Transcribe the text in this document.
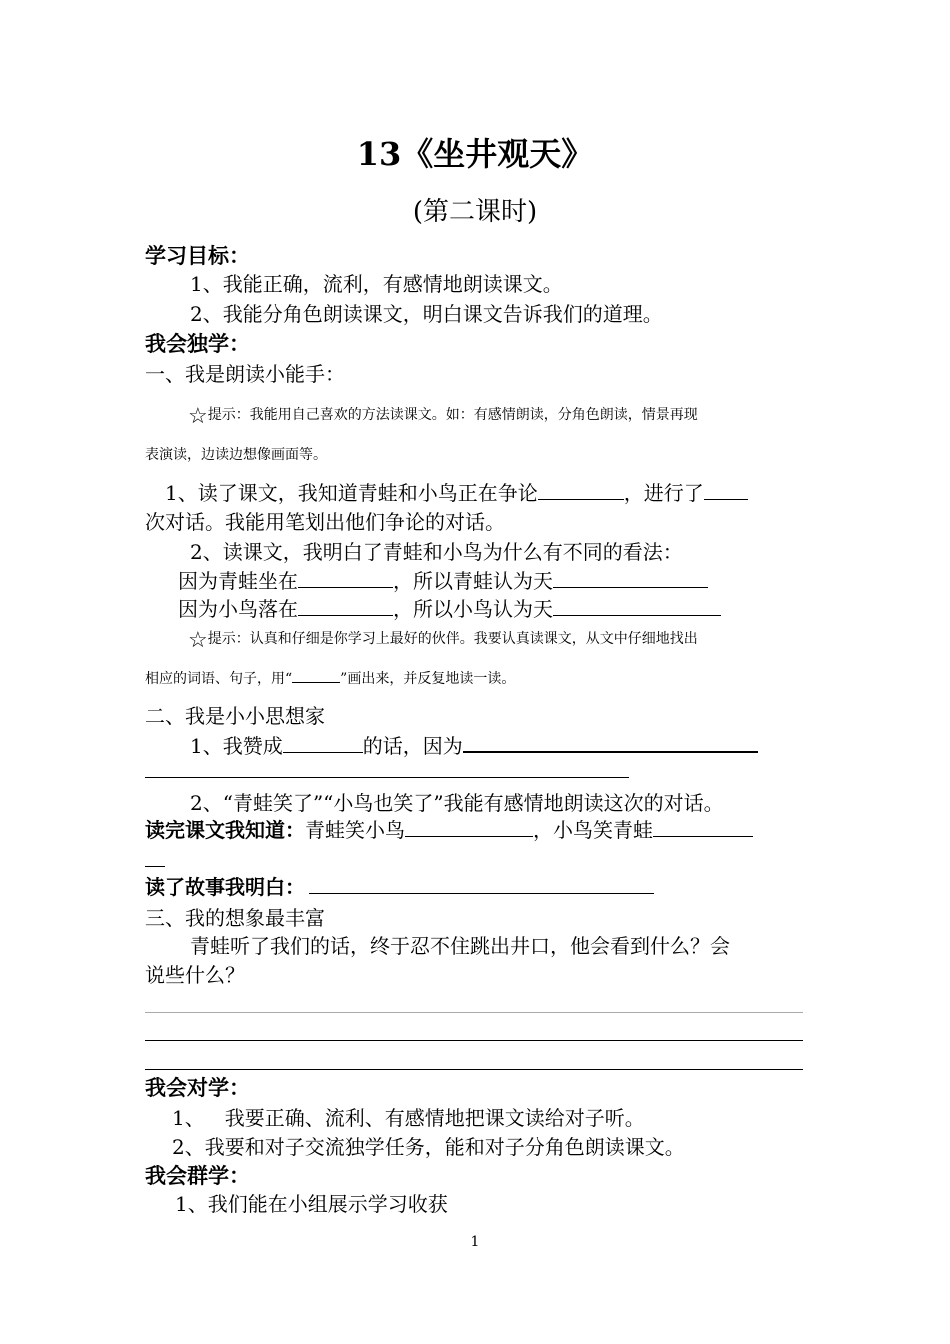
13《坐井观天》
(第二课时)
学习目标：
1、我能正确，流利，有感情地朗读课文。
2、我能分角色朗读课文，明白课文告诉我们的道理。
我会独学：
一、我是朗读小能手：
☆提示：我能用自己喜欢的方法读课文。如：有感情朗读，分角色朗读，情景再现
表演读，边读边想像画面等。
1、读了课文，我知道青蛙和小鸟正在争论	，进行了
次对话。我能用笔划出他们争论的对话。
2、读课文，我明白了青蛙和小鸟为什么有不同的看法：
因为青蛙坐在	，所以青蛙认为天
因为小鸟落在	，所以小鸟认为天
☆提示：认真和仔细是你学习上最好的伙伴。我要认真读课文，从文中仔细地找出
相应的词语、句子，用“	”画出来，并反复地读一读。
二、我是小小思想家
1、我赞成	的话，因为
2、“青蛙笑了”“小鸟也笑了”我能有感情地朗读这次的对话。
读完课文我知道：青蛙笑小鸟	，小鸟笑青蛙
读了故事我明白：
三、我的想象最丰富
青蛙听了我们的话，终于忍不住跳出井口，他会看到什么？会
说些什么？
我会对学：
1、 我要正确、流利、有感情地把课文读给对子听。
2、我要和对子交流独学任务，能和对子分角色朗读课文。
我会群学：
1、我们能在小组展示学习收获
1
